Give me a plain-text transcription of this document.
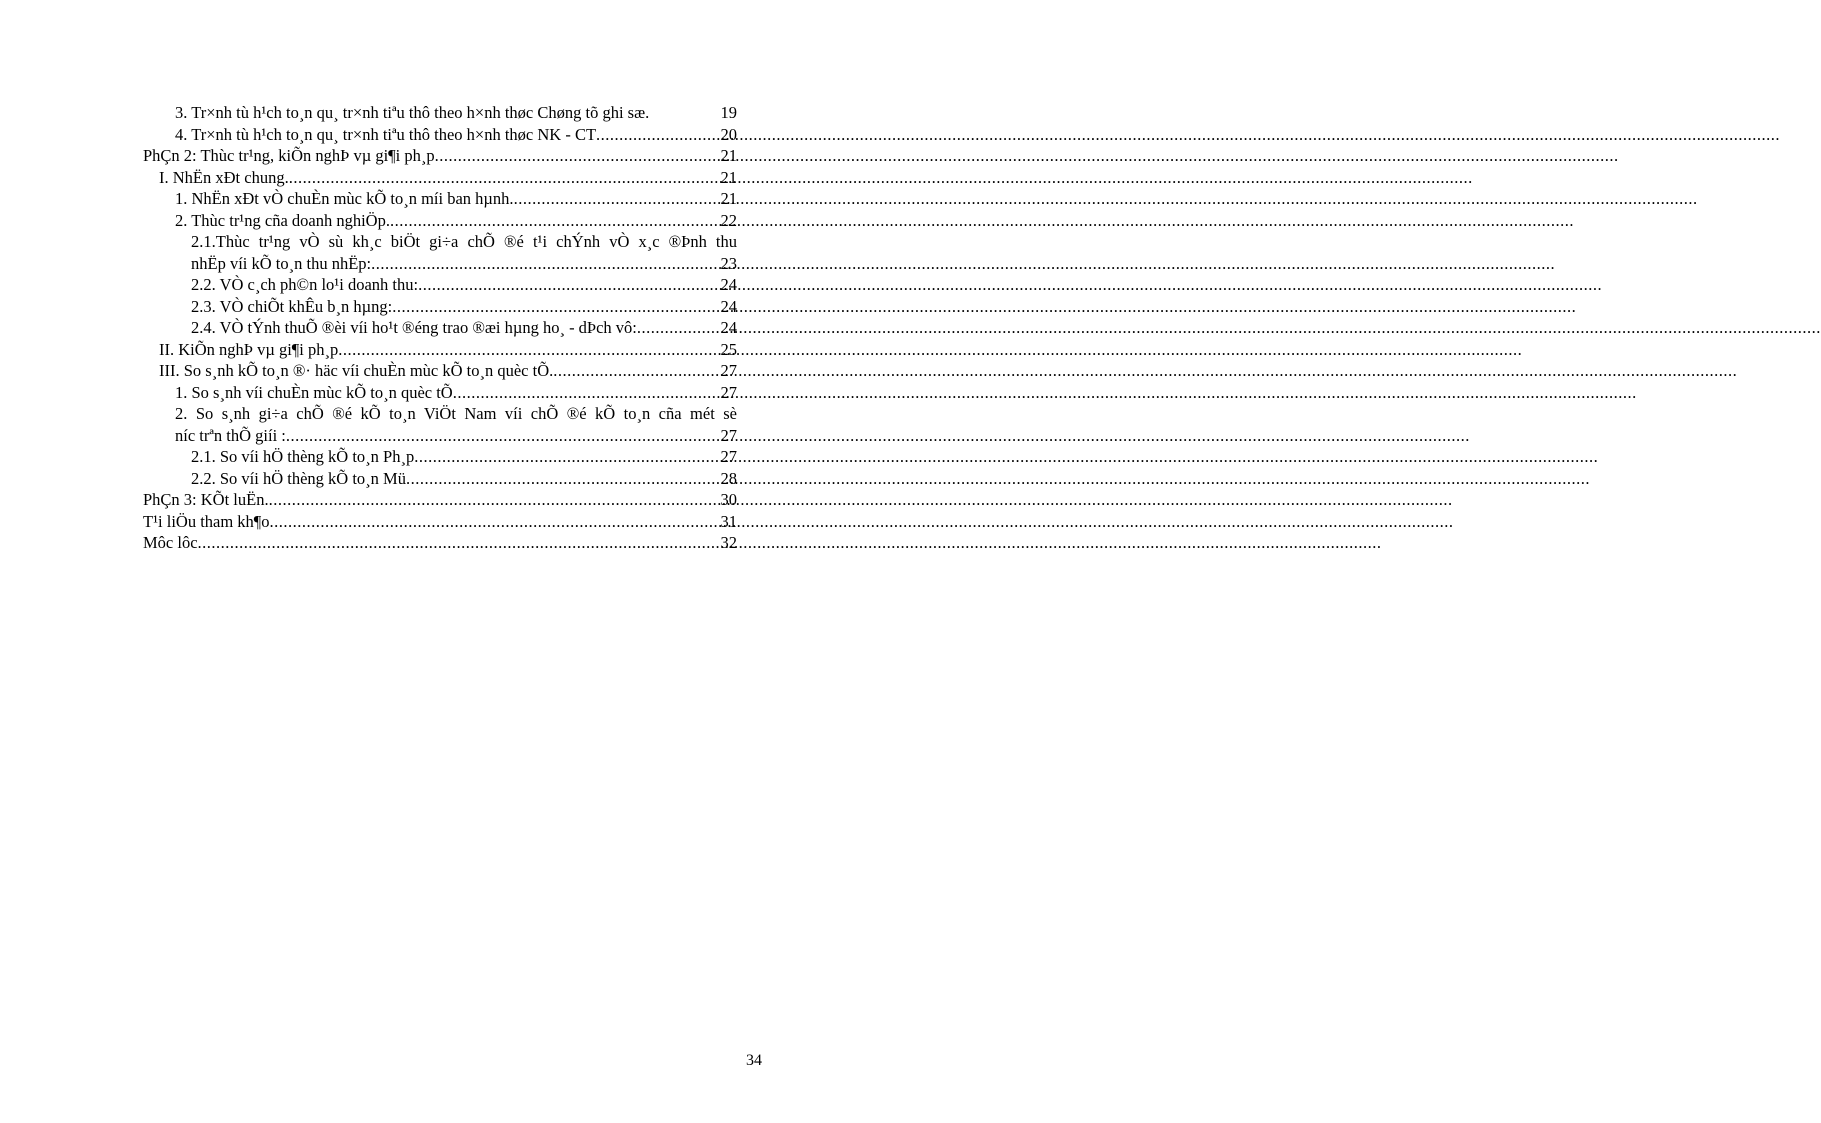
3. Tr×nh tù h¹ch to¸n qu¸ tr×nh tiªu thô theo h×nh thøc Chøng tõ ghi sæ.	19
4. Tr×nh tù h¹ch to¸n qu¸ tr×nh tiªu thô theo h×nh thøc NK - CT .....	20
PhÇn 2: Thùc tr¹ng, kiÕn nghÞ vµ gi¶i ph¸p .....	21
I. NhËn xÐt chung. .....	21
1. NhËn xÐt vÒ chuÈn mùc kÕ to¸n míi ban hµnh. .....	21
2. Thùc tr¹ng cña doanh nghiÖp. .....	22
2.1.Thùc tr¹ng vÒ sù kh¸c biÖt gi÷a chÕ ®é t¹i chÝnh vÒ x¸c ®Þnh thu
nhËp víi kÕ to¸n thu nhËp: .....	23
2.2. VÒ c¸ch ph©n lo¹i doanh thu: .....	24
2.3. VÒ chiÕt khÊu b¸n hµng: .....	24
2.4. VÒ tÝnh thuÕ ®èi víi ho¹t ®éng trao ®æi hµng ho¸ - dÞch vô: .....	24
II. KiÕn nghÞ vµ gi¶i ph¸p .....	25
III. So s¸nh kÕ to¸n ®· häc víi chuÈn mùc kÕ to¸n quèc tÕ. .....	27
1. So s¸nh víi chuÈn mùc kÕ to¸n quèc tÕ .....	27
2. So s¸nh gi÷a chÕ ®é kÕ to¸n ViÖt Nam víi chÕ ®é kÕ to¸n cña mét sè
níc trªn thÕ giíi : .....	27
2.1. So víi hÖ thèng kÕ to¸n Ph¸p .....	27
2.2. So víi hÖ thèng kÕ to¸n Mü .....	28
PhÇn 3: KÕt luËn. .....	30
T¹i liÖu tham kh¶o .....	31
Môc lôc .....	32
34
